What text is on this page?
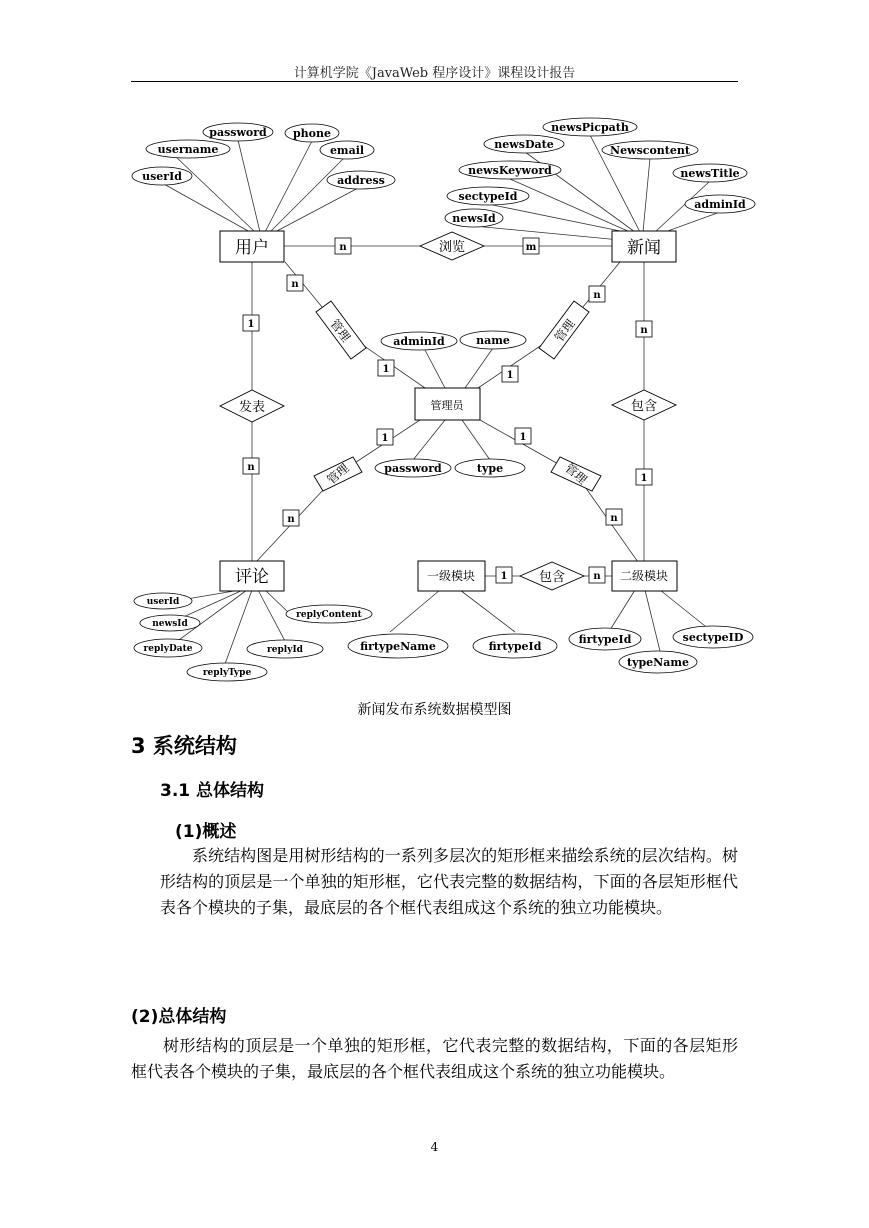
计算机学院《JavaWeb 程序设计》课程设计报告
用户	新闻
管理员
评论	一级模块	二级模块
浏览
发表	包含
包含
管理	管理
管理	管理
password phone
username	email
userId	address
newsPicpath
newsDate	Newscontent
newsKeyword	newsTitle
sectypeId
adminId
newsId
adminId	name
password	type
userId
replyContent
newsId
replyDate	replyId
replyType
firtypeName	firtypeId
firtypeId	sectypeID
typeName
n	m
n
1
n
1
1
n
n
1
1
n
1
n
1	n
新闻发布系统数据模型图
3 系统结构
3.1 总体结构
(1)概述
系统结构图是用树形结构的一系列多层次的矩形框来描绘系统的层次结构。树形结构的顶层是一个单独的矩形框，它代表完整的数据结构，下面的各层矩形框代表各个模块的子集，最底层的各个框代表组成这个系统的独立功能模块。
(2)总体结构
树形结构的顶层是一个单独的矩形框，它代表完整的数据结构，下面的各层矩形框代表各个模块的子集，最底层的各个框代表组成这个系统的独立功能模块。
4
